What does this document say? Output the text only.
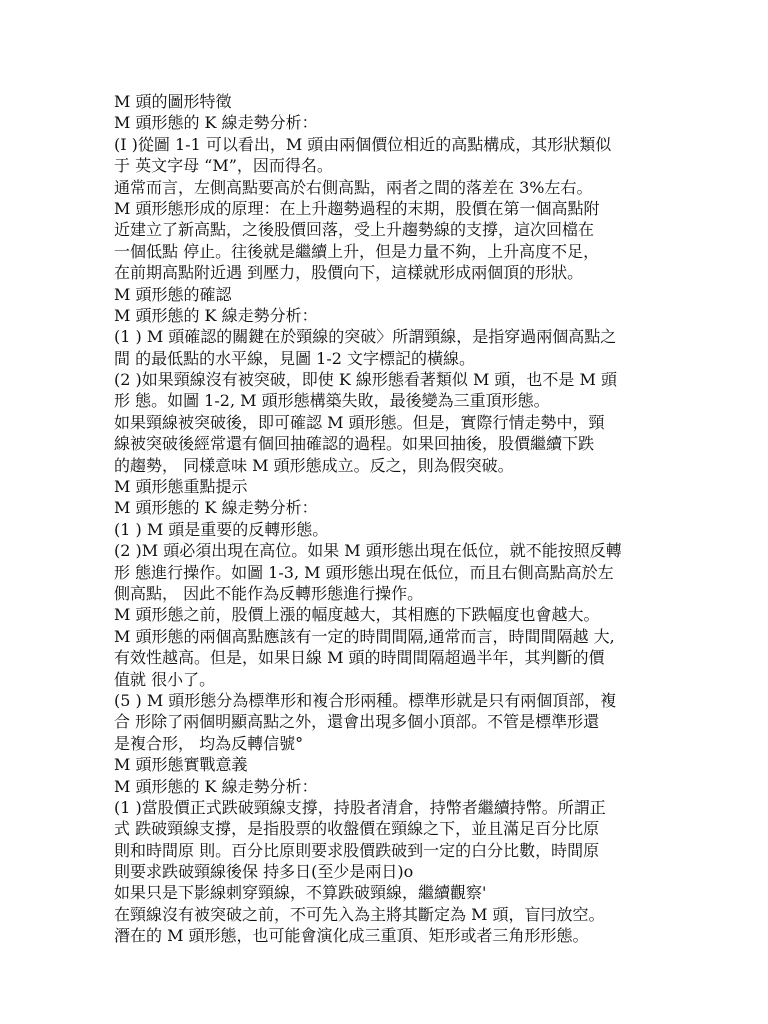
M 頭的圖形特徵
M 頭形態的 K 線走勢分析：
(I )從圖 1-1 可以看出，M 頭由兩個價位相近的高點構成，其形狀類似
于 英文字母 “M”，因而得名。
通常而言，左側高點要高於右側高點，兩者之間的落差在 3%左右。
M 頭形態形成的原理：在上升趨勢過程的末期，股價在第一個高點附
近建立了新高點，之後股價回落，受上升趨勢線的支撐，這次回檔在
一個低點 停止。往後就是繼續上升，但是力量不夠，上升高度不足，
在前期高點附近遇 到壓力，股價向下，這樣就形成兩個頂的形狀。
M 頭形態的確認
M 頭形態的 K 線走勢分析：
(1 ) M 頭確認的關鍵在於頸線的突破〉所謂頸線，是指穿過兩個高點之
間 的最低點的水平線，見圖 1-2 文字標記的橫線。
(2 )如果頸線沒有被突破，即使 K 線形態看著類似 M 頭，也不是 M 頭
形 態。如圖 1-2, M 頭形態構築失敗，最後變為三重頂形態。
如果頸線被突破後，即可確認 M 頭形態。但是，實際行情走勢中，頸
線被突破後經常還有個回抽確認的過程。如果回抽後，股價繼續下跌
的趨勢， 同樣意味 M 頭形態成立。反之，則為假突破。
M 頭形態重點提示
M 頭形態的 K 線走勢分析：
(1 ) M 頭是重要的反轉形態。
(2 )M 頭必須出現在高位。如果 M 頭形態出現在低位，就不能按照反轉
形 態進行操作。如圖 1-3, M 頭形態出現在低位，而且右側高點高於左
側高點， 因此不能作為反轉形態進行操作。
M 頭形態之前，股價上漲的幅度越大，其相應的下跌幅度也會越大。
M 頭形態的兩個高點應該有一定的時間間隔,通常而言，時間間隔越 大,
有效性越高。但是，如果日線 M 頭的時間間隔超過半年，其判斷的價
值就 很小了。
(5 ) M 頭形態分為標準形和複合形兩種。標準形就是只有兩個頂部，複
合 形除了兩個明顯高點之外，還會出現多個小頂部。不管是標準形還
是複合形， 均為反轉信號°
M 頭形態實戰意義
M 頭形態的 K 線走勢分析：
(1 )當股價正式跌破頸線支撐，持股者清倉，持幣者繼續持幣。所謂正
式 跌破頸線支撐，是指股票的收盤價在頸線之下，並且滿足百分比原
則和時間原 則。百分比原則要求股價跌破到一定的白分比數，時間原
則要求跌破頸線後保 持多日(至少是兩日)o
如果只是下影線刺穿頸線，不算跌破頸線，繼續觀察'
在頸線沒有被突破之前，不可先入為主將其斷定為 M 頭，盲冃放空。
潛在的 M 頭形態，也可能會演化成三重頂、矩形或者三角形形態。
